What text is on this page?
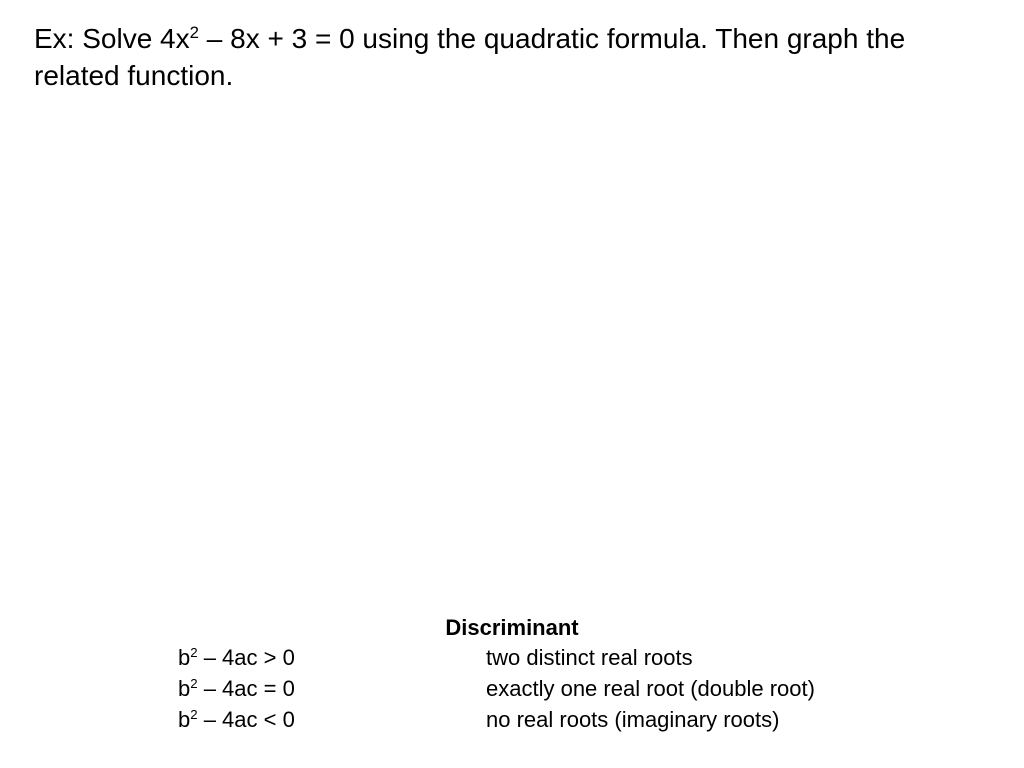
Ex: Solve $4x^2 - 8x + 3 = 0$ using the quadratic formula. Then graph the related function.

Discriminant

$b^2 - 4ac > 0$	two distinct real roots
$b^2 - 4ac = 0$	exactly one real root (double root)
$b^2 - 4ac < 0$	no real roots (imaginary roots)
